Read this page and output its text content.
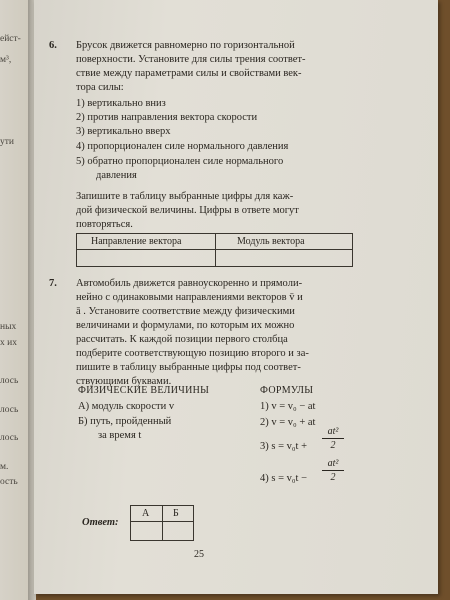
ейст-
м³,
ути
ных
х их
лось
лось
лось
м.
ость
6. Брусок движется равномерно по горизонтальной
поверхности. Установите для силы трения соответ-
ствие между параметрами силы и свойствами век-
тора силы:
1) вертикально вниз
2) против направления вектора скорости
3) вертикально вверх
4) пропорционален силе нормального давления
5) обратно пропорционален силе нормального
давления
Запишите в таблицу выбранные цифры для каж-
дой физической величины. Цифры в ответе могут
повторяться.
Направление вектора	Модуль вектора
7. Автомобиль движется равноускоренно и прямoли-
нейно с одинаковыми направлениями векторов v̄ и
ā . Установите соответствие между физическими
величинами и формулами, по которым их можно
рассчитать. К каждой позиции первого столбца
подберите соответствующую позицию второго и за-
пишите в таблицу выбранные цифры под соответ-
ствующими буквами.
ФИЗИЧЕСКИЕ ВЕЛИЧИНЫ	ФОРМУЛЫ
А) модуль скорости v
Б) путь, пройденный
за время t
1) v = v₀ − at
2) v = v₀ + at
3) s = v₀t +
at²
2
4) s = v₀t −
at²
2
Ответ:
А Б
25
